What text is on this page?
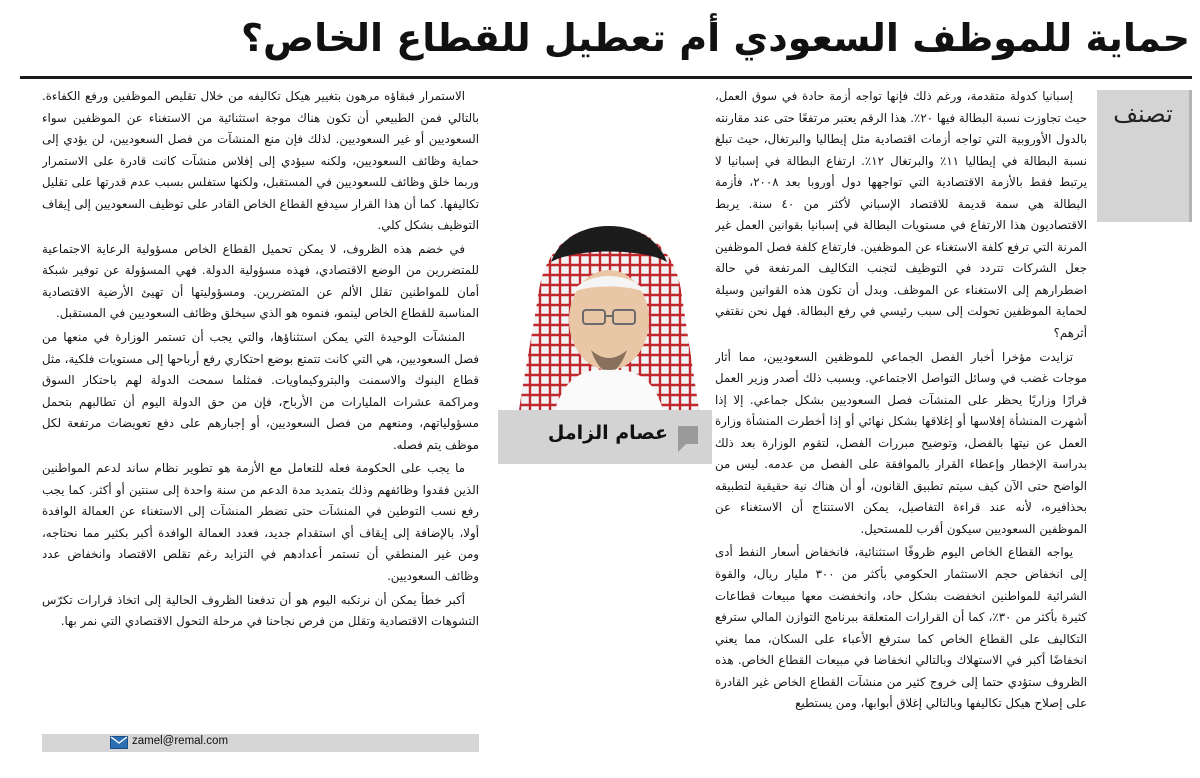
حماية للموظف السعودي أم تعطيل للقطاع الخاص؟
تصنف

إسبانيا كدولة متقدمة، ورغم ذلك فإنها تواجه أزمة حادة في سوق العمل، حيث تجاوزت نسبة البطالة فيها ٢٠٪. هذا الرقم يعتبر مرتفعًا حتى عند مقارنته بالدول الأوروبية التي تواجه أزمات اقتصادية مثل إيطاليا والبرتغال، حيث تبلغ نسبة البطالة في إيطاليا ١١٪ والبرتغال ١٢٪. ارتفاع البطالة في إسبانيا لا يرتبط فقط بالأزمة الاقتصادية التي تواجهها دول أوروبا بعد ٢٠٠٨، فأزمة البطالة هي سمة قديمة للاقتصاد الإسباني لأكثر من ٤٠ سنة. يربط الاقتصاديون هذا الارتفاع في مستويات البطالة في إسبانيا بقوانين العمل غير المرنة التي ترفع كلفة الاستغناء عن الموظفين. فارتفاع كلفة فصل الموظفين جعل الشركات تتردد في التوظيف لتجنب التكاليف المرتفعة في حالة اضطرارهم إلى الاستغناء عن الموظف. وبدل أن تكون هذه القوانين وسيلة لحماية الموظفين تحولت إلى سبب رئيسي في رفع البطالة. فهل نحن نقتفي أثرهم؟

تزايدت مؤخرا أخبار الفصل الجماعي للموظفين السعوديين، مما أثار موجات غضب في وسائل التواصل الاجتماعي. وبسبب ذلك أصدر وزير العمل قرارًا وزاريًا يحظر على المنشآت فصل السعوديين بشكل جماعي. إلا إذا أشهرت المنشأة إفلاسها أو إغلاقها بشكل نهائي أو إذا أخطرت المنشأة وزارة العمل عن نيتها بالفصل، وتوضيح مبررات الفصل، لتقوم الوزارة بعد ذلك بدراسة الإخطار وإعطاء القرار بالموافقة على الفصل من عدمه. ليس من الواضح حتى الآن كيف سيتم تطبيق القانون، أو أن هناك نية حقيقية لتطبيقه بحذافيره، لأنه عند قراءة التفاصيل، يمكن الاستنتاج أن الاستغناء عن الموظفين السعوديين سيكون أقرب للمستحيل.

يواجه القطاع الخاص اليوم ظروفًا استثنائية، فانخفاض أسعار النفط أدى إلى انخفاض حجم الاستثمار الحكومي بأكثر من ٣٠٠ مليار ريال، والقوة الشرائية للمواطنين انخفضت بشكل حاد، وانخفضت معها مبيعات قطاعات كثيرة بأكثر من ٣٠٪، كما أن القرارات المتعلقة ببرنامج التوازن المالي سترفع التكاليف على القطاع الخاص كما سترفع الأعباء على السكان، مما يعني انخفاضًا أكبر في الاستهلاك وبالتالي انخفاضا في مبيعات القطاع الخاص. هذه الظروف ستؤدي حتما إلى خروج كثير من منشآت القطاع الخاص غير القادرة على إصلاح هيكل تكاليفها وبالتالي إغلاق أبوابها، ومن يستطيع

الاستمرار فبقاؤه مرهون بتغيير هيكل تكاليفه من خلال تقليص الموظفين ورفع الكفاءة. بالتالي فمن الطبيعي أن تكون هناك موجة استثنائية من الاستغناء عن الموظفين سواء السعوديين أو غير السعوديين. لذلك فإن منع المنشآت من فصل السعوديين، لن يؤدي إلى حماية وظائف السعوديين، ولكنه سيؤدي إلى إفلاس منشآت كانت قادرة على الاستمرار وربما خلق وظائف للسعوديين في المستقبل، ولكنها ستفلس بسبب عدم قدرتها على تقليل تكاليفها. كما أن هذا القرار سيدفع القطاع الخاص القادر على توظيف السعوديين إلى إيقاف التوظيف بشكل كلي.

في خضم هذه الظروف، لا يمكن تحميل القطاع الخاص مسؤولية الرعاية الاجتماعية للمتضررين من الوضع الاقتصادي، فهذه مسؤولية الدولة. فهي المسؤولة عن توفير شبكة أمان للمواطنين تقلل الألم عن المتضررين. ومسؤوليتها أن تهيئ الأرضية الاقتصادية المناسبة للقطاع الخاص لينمو، فنموه هو الذي سيخلق وظائف السعوديين في المستقبل.

المنشآت الوحيدة التي يمكن استثناؤها، والتي يجب أن تستمر الوزارة في منعها من فصل السعوديين، هي التي كانت تتمتع بوضع احتكاري رفع أرباحها إلى مستويات فلكية، مثل قطاع البنوك والاسمنت والبتروكيماويات. فمثلما سمحت الدولة لهم باحتكار السوق ومراكمة عشرات المليارات من الأرباح، فإن من حق الدولة اليوم أن تطالبهم بتحمل مسؤولياتهم، ومنعهم من فصل السعوديين، أو إجبارهم على دفع تعويضات مرتفعة لكل موظف يتم فصله.

ما يجب على الحكومة فعله للتعامل مع الأزمة هو تطوير نظام ساند لدعم المواطنين الذين فقدوا وظائفهم وذلك بتمديد مدة الدعم من سنة واحدة إلى سنتين أو أكثر. كما يجب رفع نسب التوطين في المنشآت حتى تضطر المنشآت إلى الاستغناء عن العمالة الوافدة أولا، بالإضافة إلى إيقاف أي استقدام جديد، فعدد العمالة الوافدة أكبر بكثير مما نحتاجه، ومن غير المنطقي أن تستمر أعدادهم في التزايد رغم تقلص الاقتصاد وانخفاض عدد وظائف السعوديين.

أكبر خطأ يمكن أن نرتكبه اليوم هو أن تدفعنا الظروف الحالية إلى اتخاذ قرارات تكرّس التشوهات الاقتصادية وتقلل من فرص نجاحنا في مرحلة التحول الاقتصادي التي نمر بها.

عصام الزامل
zamel@remal.com
